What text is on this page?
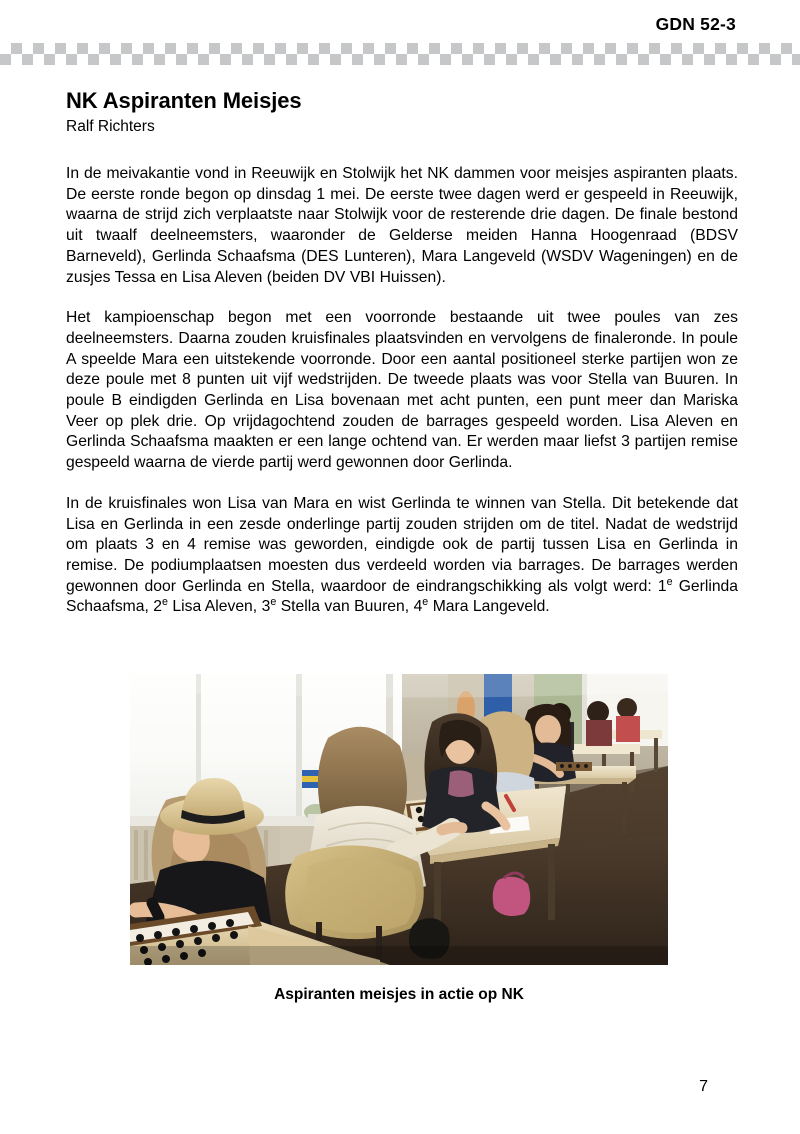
GDN 52-3
NK Aspiranten Meisjes

Ralf Richters

In de meivakantie vond in Reeuwijk en Stolwijk het NK dammen voor meisjes aspiranten plaats. De eerste ronde begon op dinsdag 1 mei. De eerste twee dagen werd er gespeeld in Reeuwijk, waarna de strijd zich verplaatste naar Stolwijk voor de resterende drie dagen. De finale bestond uit twaalf deelneemsters, waaronder de Gelderse meiden Hanna Hoogenraad (BDSV Barneveld), Gerlinda Schaafsma (DES Lunteren), Mara Langeveld (WSDV Wageningen) en de zusjes Tessa en Lisa Aleven (beiden DV VBI Huissen).

Het kampioenschap begon met een voorronde bestaande uit twee poules van zes deelneemsters. Daarna zouden kruisfinales plaatsvinden en vervolgens de finaleronde. In poule A speelde Mara een uitstekende voorronde. Door een aantal positioneel sterke partijen won ze deze poule met 8 punten uit vijf wedstrijden. De tweede plaats was voor Stella van Buuren. In poule B eindigden Gerlinda en Lisa bovenaan met acht punten, een punt meer dan Mariska Veer op plek drie. Op vrijdagochtend zouden de barrages gespeeld worden. Lisa Aleven en Gerlinda Schaafsma maakten er een lange ochtend van. Er werden maar liefst 3 partijen remise gespeeld waarna de vierde partij werd gewonnen door Gerlinda.

In de kruisfinales won Lisa van Mara en wist Gerlinda te winnen van Stella. Dit betekende dat Lisa en Gerlinda in een zesde onderlinge partij zouden strijden om de titel. Nadat de wedstrijd om plaats 3 en 4 remise was geworden, eindigde ook de partij tussen Lisa en Gerlinda in remise. De podiumplaatsen moesten dus verdeeld worden via barrages. De barrages werden gewonnen door Gerlinda en Stella, waardoor de eindrangschikking als volgt werd: 1e Gerlinda Schaafsma, 2e Lisa Aleven, 3e Stella van Buuren, 4e Mara Langeveld.

Aspiranten meisjes in actie op NK
7
